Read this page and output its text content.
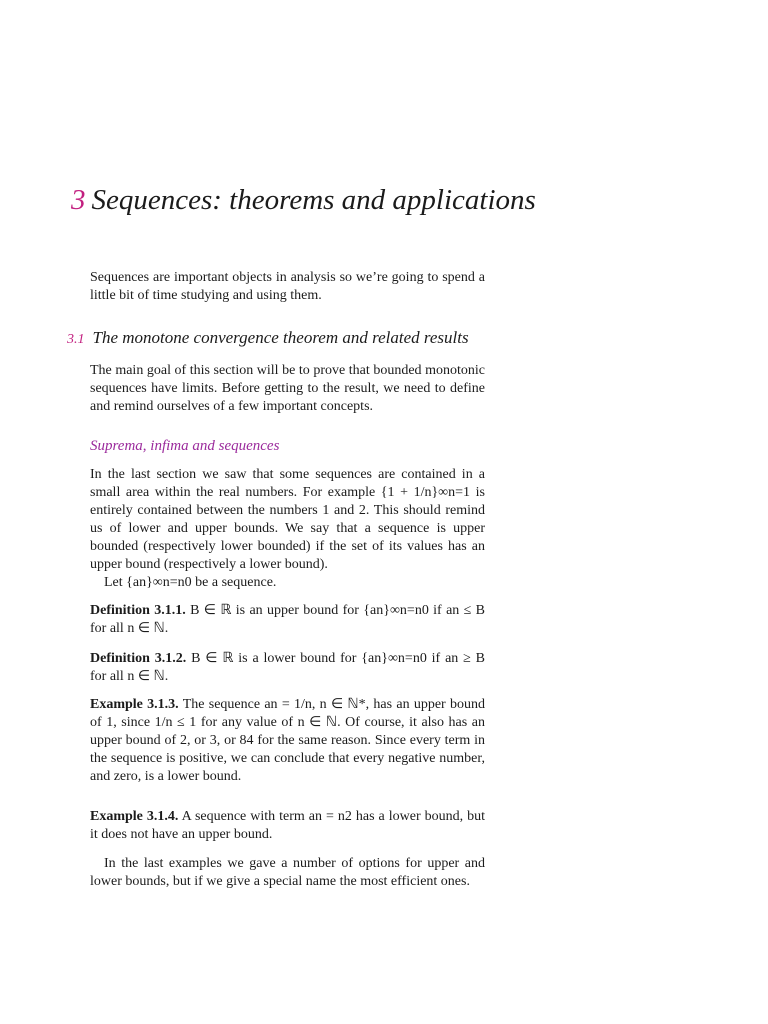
3 Sequences: theorems and applications
Sequences are important objects in analysis so we’re going to spend a little bit of time studying and using them.
3.1 The monotone convergence theorem and related results
The main goal of this section will be to prove that bounded monotonic sequences have limits. Before getting to the result, we need to define and remind ourselves of a few important concepts.
Suprema, infima and sequences
In the last section we saw that some sequences are contained in a small area within the real numbers. For example {1 + 1/n}∞n=1 is entirely contained between the numbers 1 and 2. This should remind us of lower and upper bounds. We say that a sequence is upper bounded (respectively lower bounded) if the set of its values has an upper bound (respectively a lower bound).
Let {an}∞n=n0 be a sequence.
Definition 3.1.1. B ∈ ℝ is an upper bound for {an}∞n=n0 if an ≤ B for all n ∈ ℕ.
Definition 3.1.2. B ∈ ℝ is a lower bound for {an}∞n=n0 if an ≥ B for all n ∈ ℕ.
Example 3.1.3. The sequence an = 1/n, n ∈ ℕ*, has an upper bound of 1, since 1/n ≤ 1 for any value of n ∈ ℕ. Of course, it also has an upper bound of 2, or 3, or 84 for the same reason. Since every term in the sequence is positive, we can conclude that every negative number, and zero, is a lower bound.
Example 3.1.4. A sequence with term an = n2 has a lower bound, but it does not have an upper bound.
In the last examples we gave a number of options for upper and lower bounds, but if we give a special name the most efficient ones.
